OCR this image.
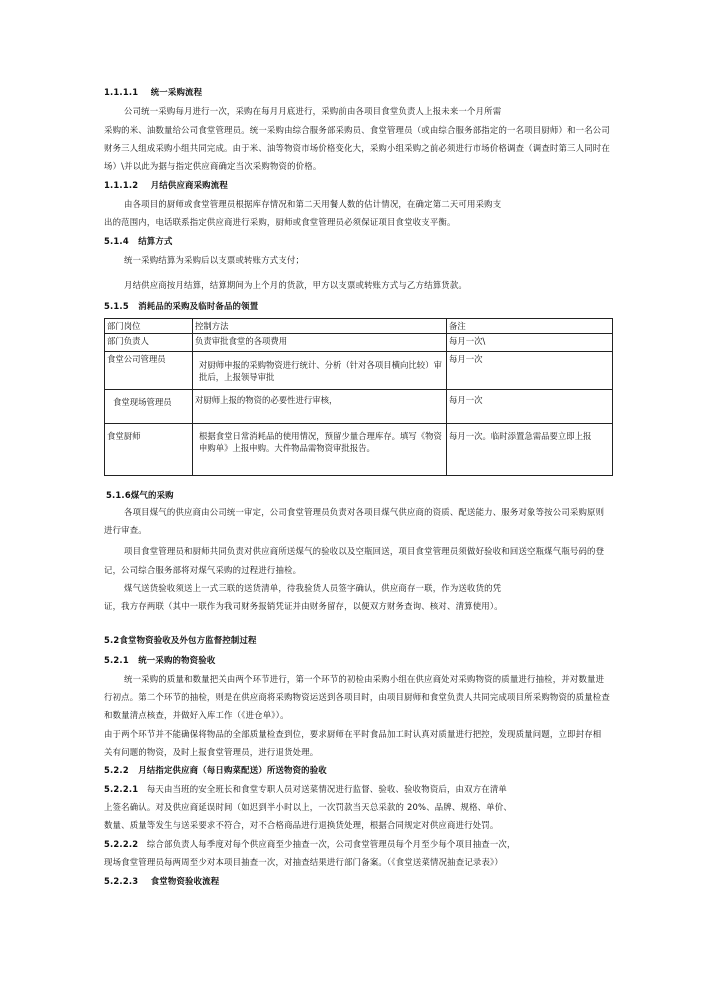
1.1.1.1 统一采购流程
公司统一采购每月进行一次，采购在每月月底进行，采购前由各项目食堂负责人上报未来一个月所需
采购的米、油数量给公司食堂管理员。统一采购由综合服务部采购员、食堂管理员（或由综合服务部指定的一名项目厨师）和一名公司
财务三人组成采购小组共同完成。由于米、油等物资市场价格变化大，采购小组采购之前必须进行市场价格调查（调查时第三人同时在
场）\并以此为据与指定供应商确定当次采购物资的价格。
1.1.1.2 月结供应商采购流程
由各项目的厨师或食堂管理员根据库存情况和第二天用餐人数的估计情况，在确定第二天可用采购支
出的范围内，电话联系指定供应商进行采购，厨师或食堂管理员必须保证项目食堂收支平衡。
5.1.4 结算方式
统一采购结算为采购后以支票或转账方式支付；
月结供应商按月结算，结算期间为上个月的货款，甲方以支票或转账方式与乙方结算货款。
5.1.5 消耗品的采购及临时备品的领置
部门岗位	控制方法	备注
部门负责人	负责审批食堂的各项费用	每月一次\
食堂公司管理员	对厨师申报的采购物资进行统计、分析（针对各项目横向比较）审批后，上报领导审批	每月一次
食堂现场管理员	对厨师上报的物资的必要性进行审核，	每月一次
食堂厨师	根据食堂日常消耗品的使用情况，预留少量合理库存。填写《物资申购单》上报申购。大件物品需物资审批报告。	每月一次。临时添置急需品要立即上报
5.1.6煤气的采购
各项目煤气的供应商由公司统一审定，公司食堂管理员负责对各项目煤气供应商的资质、配送能力、服务对象等按公司采购原则
进行审查。
项目食堂管理员和厨师共同负责对供应商所送煤气的验收以及空瓶回送，项目食堂管理员须做好验收和回送空瓶煤气瓶号码的登
记，公司综合服务部将对煤气采购的过程进行抽检。
煤气送货验收须送上一式三联的送货清单，待我验货人员签字确认，供应商存一联，作为送收货的凭
证，我方存两联（其中一联作为我司财务报销凭证并由财务留存，以便双方财务查询、核对、清算使用）。
5.2食堂物资验收及外包方监督控制过程
5.2.1 统一采购的物资验收
统一采购的质量和数量把关由两个环节进行，第一个环节的初检由采购小组在供应商处对采购物资的质量进行抽检，并对数量进
行初点。第二个环节的抽检，则是在供应商将采购物资运送到各项目时，由项目厨师和食堂负责人共同完成项目所采购物资的质量检查
和数量清点核查，并做好入库工作（《进仓单》）。
由于两个环节并不能确保将物品的全部质量检查到位，要求厨师在平时食品加工时认真对质量进行把控，发现质量问题，立即封存相
关有问题的物资，及时上报食堂管理员，进行退货处理。
5.2.2 月结指定供应商（每日购菜配送）所送物资的验收
5.2.2.1 每天由当班的安全班长和食堂专职人员对送菜情况进行监督、验收、验收物资后，由双方在清单
上签名确认。对及供应商延误时间（如迟到半小时以上，一次罚款当天总采款的 20%、品牌、规格、单价、
数量、质量等发生与送采要求不符合，对不合格商品进行退换货处理，根据合同规定对供应商进行处罚。
5.2.2.2 综合部负责人每季度对每个供应商至少抽查一次，公司食堂管理员每个月至少每个项目抽查一次，
现场食堂管理员每两周至少对本项目抽查一次，对抽查结果进行部门备案。（《食堂送菜情况抽查记录表》）
5.2.2.3 食堂物资验收流程
